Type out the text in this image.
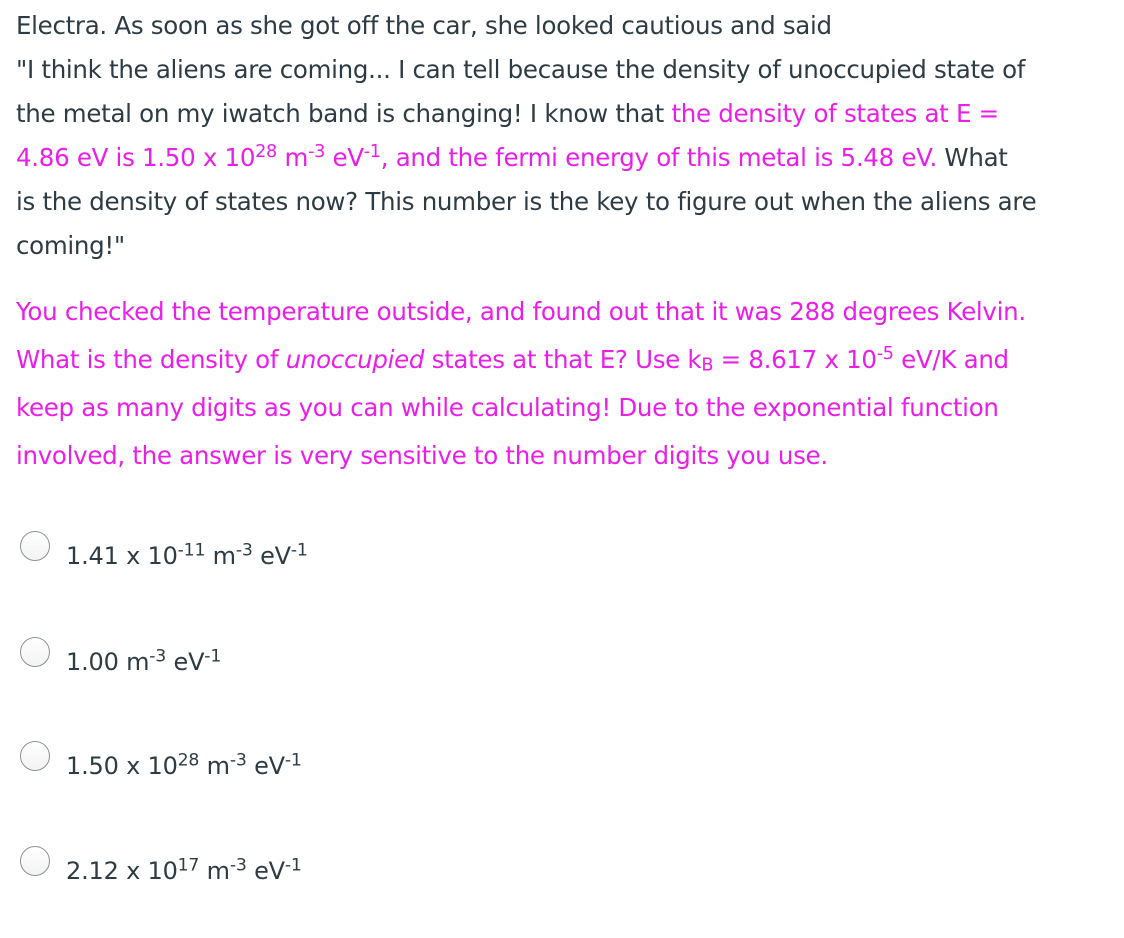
Electra. As soon as she got off the car, she looked cautious and said
"I think the aliens are coming... I can tell because the density of unoccupied state of
the metal on my iwatch band is changing! I know that the density of states at E =
4.86 eV is 1.50 x $10^{28}$ $m^{-3}$ $eV^{-1}$, and the fermi energy of this metal is 5.48 eV. What
is the density of states now? This number is the key to figure out when the aliens are
coming!"
You checked the temperature outside, and found out that it was 288 degrees Kelvin.
What is the density of unoccupied states at that E? Use $k_B = 8.617$ x $10^{-5}$ eV/K and
keep as many digits as you can while calculating! Due to the exponential function
involved, the answer is very sensitive to the number digits you use.
1.41 x $10^{-11}$ $m^{-3}$ $eV^{-1}$
1.00 $m^{-3}$ $eV^{-1}$
1.50 x $10^{28}$ $m^{-3}$ $eV^{-1}$
2.12 x $10^{17}$ $m^{-3}$ $eV^{-1}$
